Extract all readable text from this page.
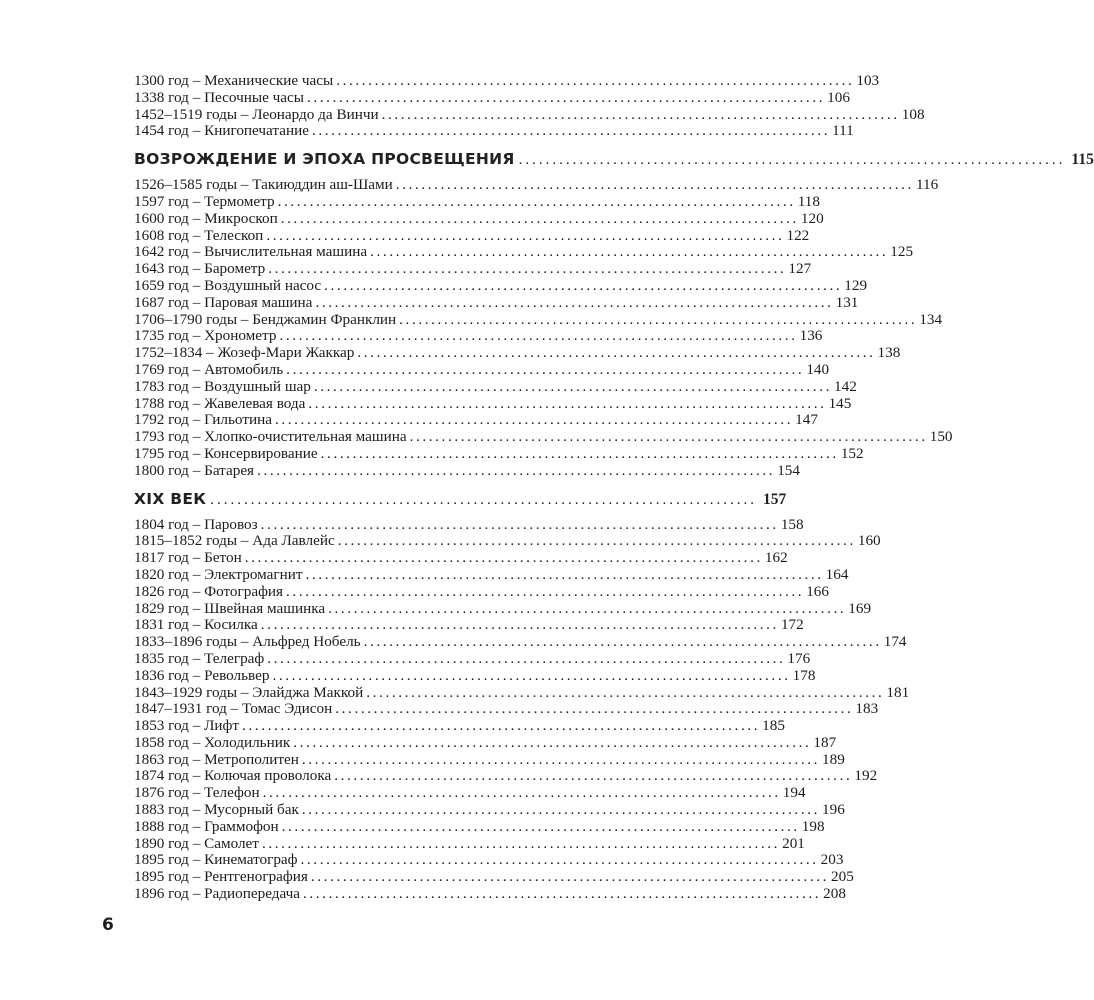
1300 год – Механические часы ................................................................................. 103
1338 год – Песочные часы ................................................................................. 106
1452–1519 годы – Леонардо да Винчи ................................................................................. 108
1454 год – Книгопечатание ................................................................................. 111
ВОЗРОЖДЕНИЕ И ЭПОХА ПРОСВЕЩЕНИЯ ................................................................................. 115
1526–1585 годы – Такиюддин аш-Шами ................................................................................. 116
1597 год – Термометр ................................................................................. 118
1600 год – Микроскоп ................................................................................. 120
1608 год – Телескоп ................................................................................. 122
1642 год – Вычислительная машина ................................................................................. 125
1643 год – Барометр ................................................................................. 127
1659 год – Воздушный насос ................................................................................. 129
1687 год – Паровая машина ................................................................................. 131
1706–1790 годы – Бенджамин Франклин ................................................................................. 134
1735 год – Хронометр ................................................................................. 136
1752–1834 – Жозеф-Мари Жаккар ................................................................................. 138
1769 год – Автомобиль ................................................................................. 140
1783 год – Воздушный шар ................................................................................. 142
1788 год – Жавелевая вода ................................................................................. 145
1792 год – Гильотина ................................................................................. 147
1793 год – Хлопко-очистительная машина ................................................................................. 150
1795 год – Консервирование ................................................................................. 152
1800 год – Батарея ................................................................................. 154
XIX ВЕК ................................................................................. 157
1804 год – Паровоз ................................................................................. 158
1815–1852 годы – Ада Лавлейс ................................................................................. 160
1817 год – Бетон ................................................................................. 162
1820 год – Электромагнит ................................................................................. 164
1826 год – Фотография ................................................................................. 166
1829 год – Швейная машинка ................................................................................. 169
1831 год – Косилка ................................................................................. 172
1833–1896 годы – Альфред Нобель ................................................................................. 174
1835 год – Телеграф ................................................................................. 176
1836 год – Револьвер ................................................................................. 178
1843–1929 годы – Элайджа Маккой ................................................................................. 181
1847–1931 год – Томас Эдисон ................................................................................. 183
1853 год – Лифт ................................................................................. 185
1858 год – Холодильник ................................................................................. 187
1863 год – Метрополитен ................................................................................. 189
1874 год – Колючая проволока ................................................................................. 192
1876 год – Телефон ................................................................................. 194
1883 год – Мусорный бак ................................................................................. 196
1888 год – Граммофон ................................................................................. 198
1890 год – Самолет ................................................................................. 201
1895 год – Кинематограф ................................................................................. 203
1895 год – Рентгенография ................................................................................. 205
1896 год – Радиопередача ................................................................................. 208
6
